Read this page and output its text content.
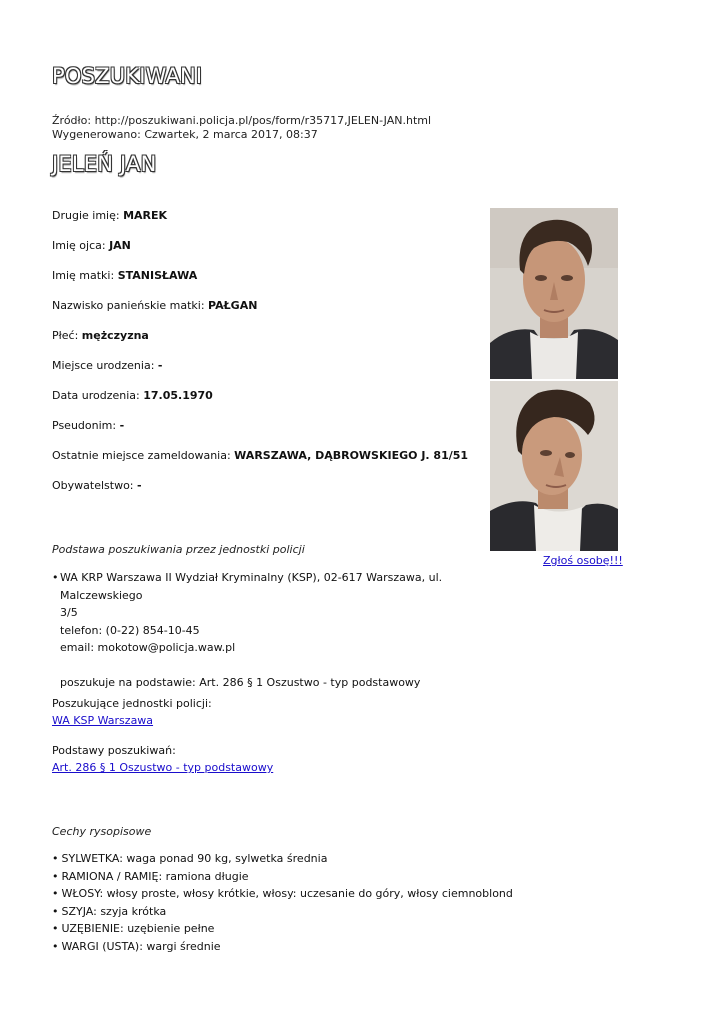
POSZUKIWANI
Źródło: http://poszukiwani.policja.pl/pos/form/r35717,JELEN-JAN.html
Wygenerowano: Czwartek, 2 marca 2017, 08:37
JELEŃ JAN
Drugie imię: MAREK
Imię ojca: JAN
Imię matki: STANISŁAWA
Nazwisko panieńskie matki: PAŁGAN
Płeć: mężczyzna
Miejsce urodzenia: -
Data urodzenia: 17.05.1970
Pseudonim: -
Ostatnie miejsce zameldowania: WARSZAWA, DĄBROWSKIEGO J. 81/51
Obywatelstwo: -
Zgłoś osobę!!!
Podstawa poszukiwania przez jednostki policji
• WA KRP Warszawa II Wydział Kryminalny (KSP), 02-617 Warszawa, ul. Malczewskiego
3/5
telefon: (0-22) 854-10-45
email: mokotow@policja.waw.pl
poszukuje na podstawie: Art. 286 § 1 Oszustwo - typ podstawowy
Poszukujące jednostki policji:
WA KSP Warszawa
Podstawy poszukiwań:
Art. 286 § 1 Oszustwo - typ podstawowy
Cechy rysopisowe
• SYLWETKA: waga ponad 90 kg, sylwetka średnia
• RAMIONA / RAMIĘ: ramiona długie
• WŁOSY: włosy proste, włosy krótkie, włosy: uczesanie do góry, włosy ciemnoblond
• SZYJA: szyja krótka
• UZĘBIENIE: uzębienie pełne
• WARGI (USTA): wargi średnie
